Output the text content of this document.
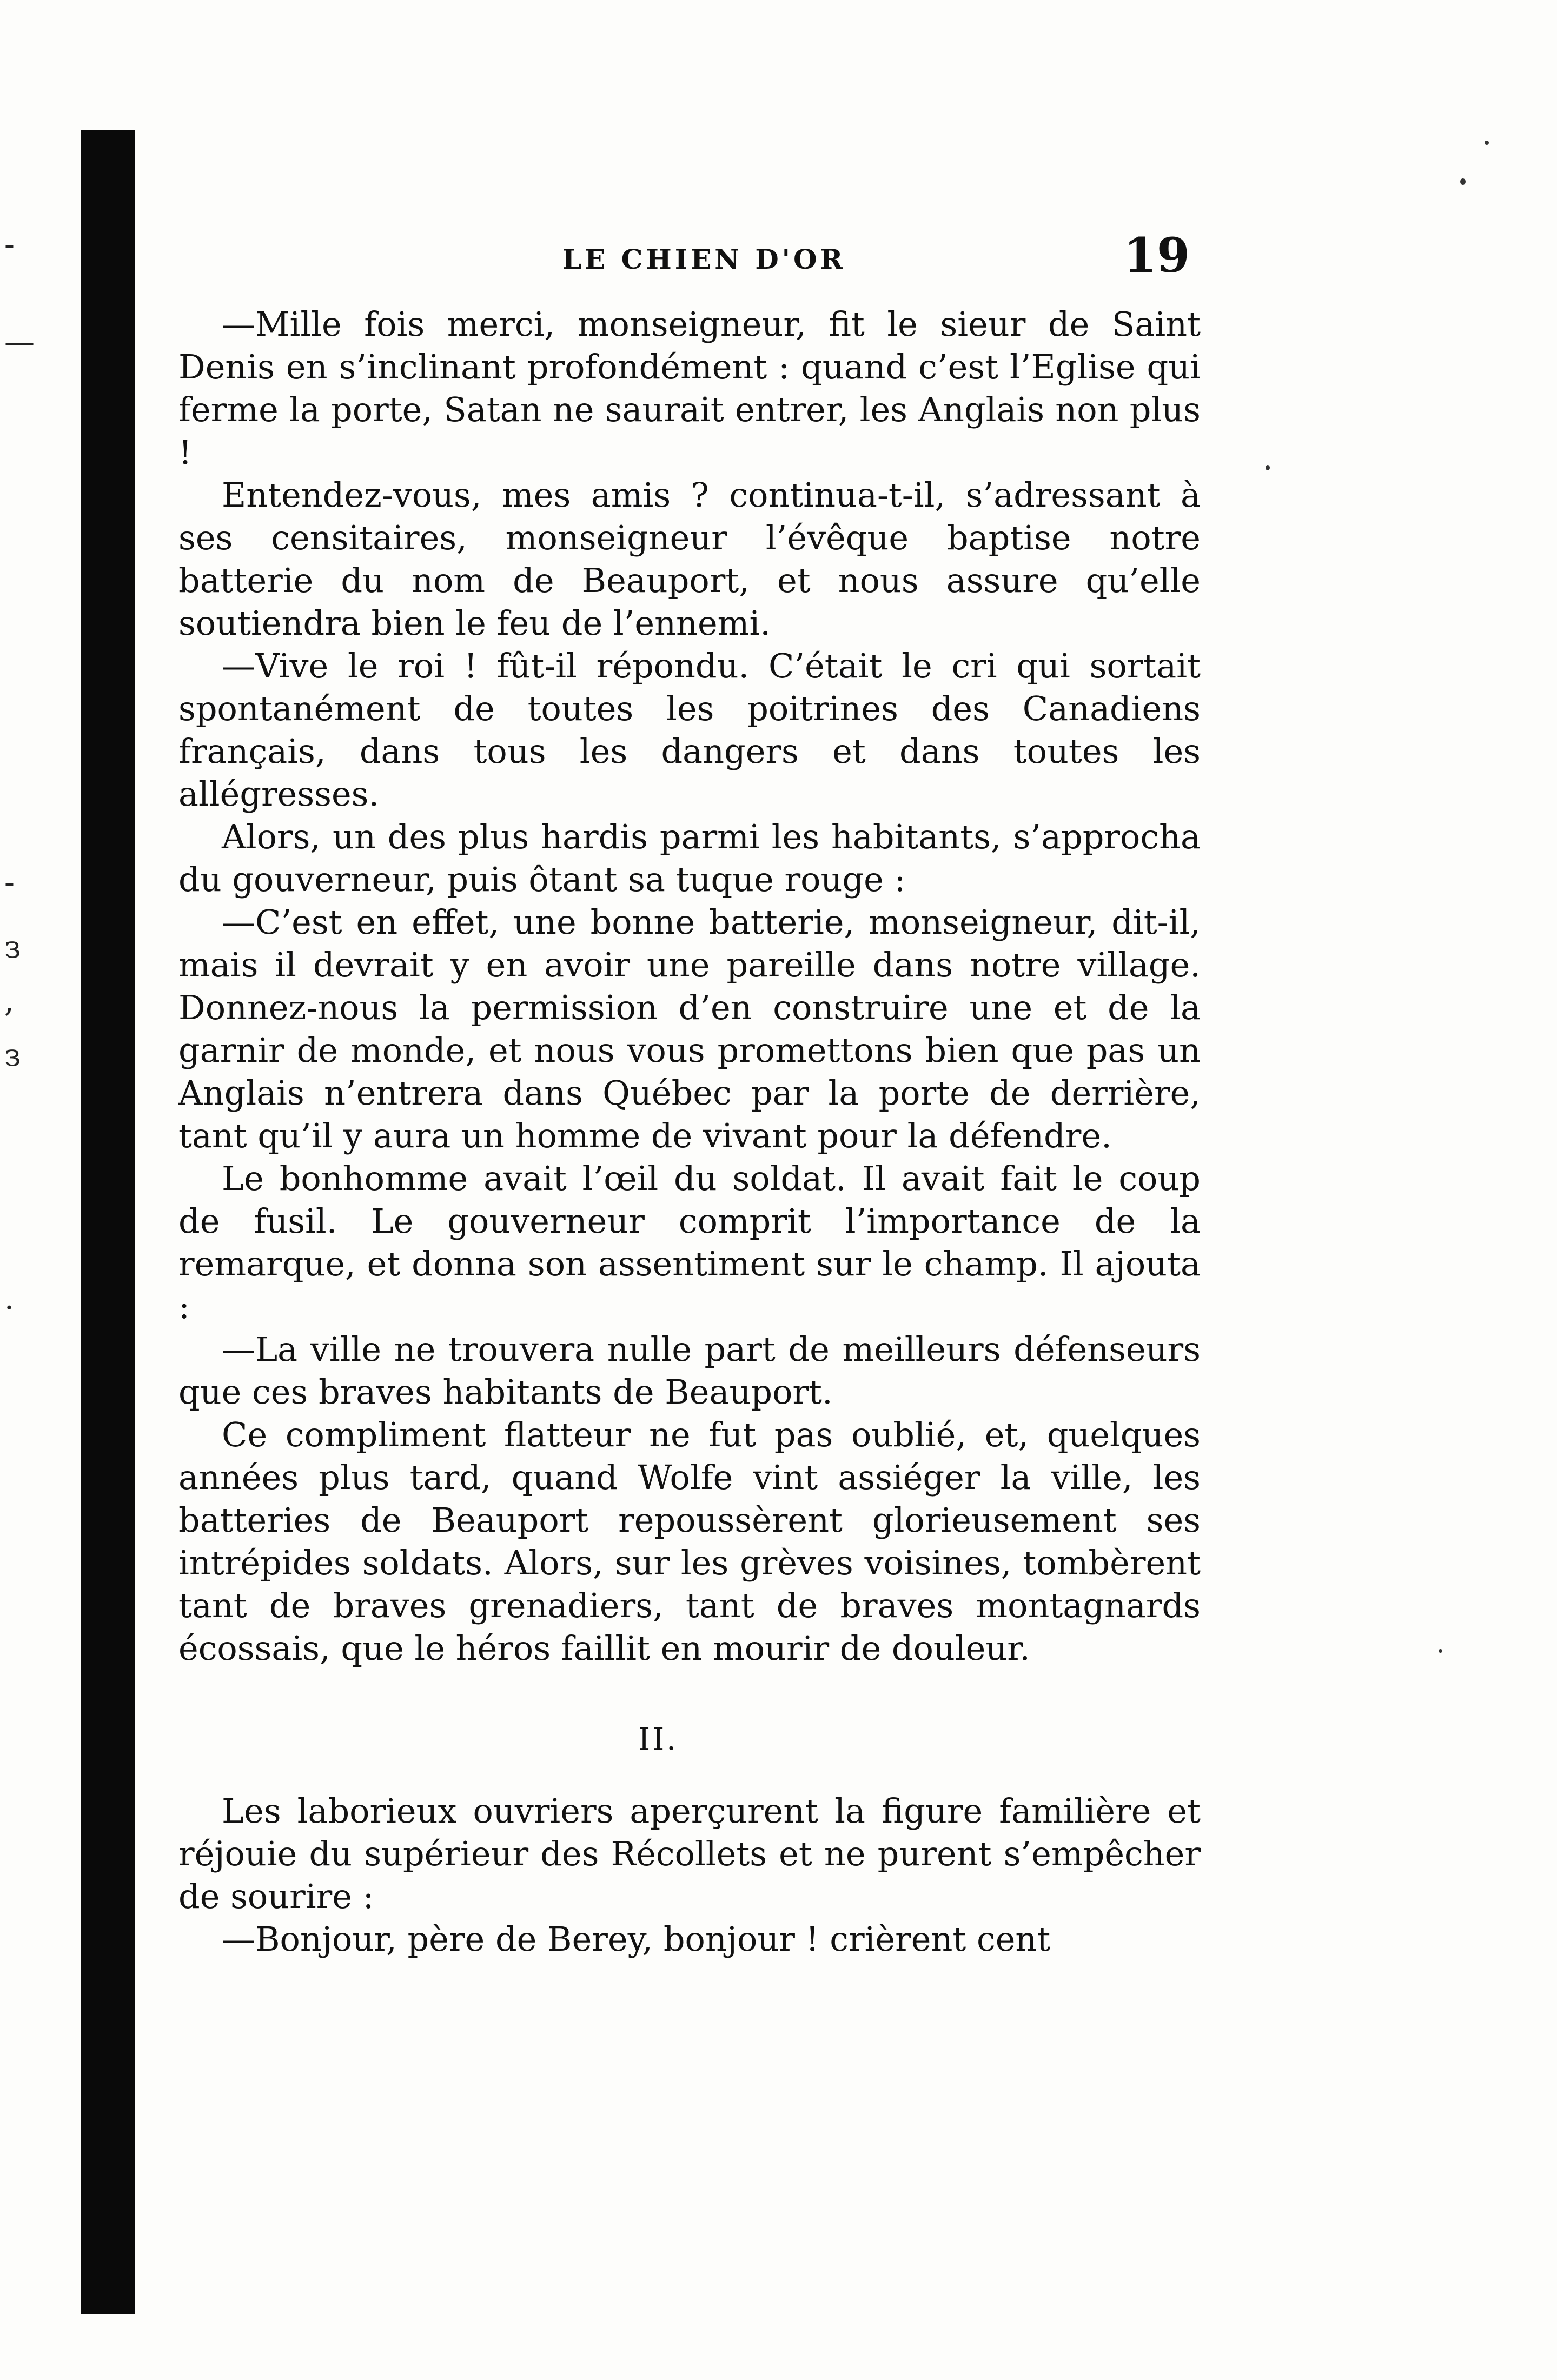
-
—
-
з
,
з
.
LE CHIEN D'OR	19

—Mille fois merci, monseigneur, fit le sieur de Saint Denis en s’inclinant profondément : quand c’est l’Eglise qui ferme la porte, Satan ne saurait entrer, les Anglais non plus !

Entendez-vous, mes amis ? continua-t-il, s’adressant à ses censitaires, monseigneur l’évêque baptise notre batterie du nom de Beauport, et nous assure qu’elle soutiendra bien le feu de l’ennemi.

—Vive le roi ! fût-il répondu. C’était le cri qui sortait spontanément de toutes les poitrines des Canadiens français, dans tous les dangers et dans toutes les allégresses.

Alors, un des plus hardis parmi les habitants, s’approcha du gouverneur, puis ôtant sa tuque rouge :

—C’est en effet, une bonne batterie, monseigneur, dit-il, mais il devrait y en avoir une pareille dans notre village. Donnez-nous la permission d’en construire une et de la garnir de monde, et nous vous promettons bien que pas un Anglais n’entrera dans Québec par la porte de derrière, tant qu’il y aura un homme de vivant pour la défendre.

Le bonhomme avait l’œil du soldat. Il avait fait le coup de fusil. Le gouverneur comprit l’importance de la remarque, et donna son assentiment sur le champ. Il ajouta :

—La ville ne trouvera nulle part de meilleurs défenseurs que ces braves habitants de Beauport.

Ce compliment flatteur ne fut pas oublié, et, quelques années plus tard, quand Wolfe vint assiéger la ville, les batteries de Beauport repoussèrent glorieusement ses intrépides soldats. Alors, sur les grèves voisines, tombèrent tant de braves grenadiers, tant de braves montagnards écossais, que le héros faillit en mourir de douleur.

II.

Les laborieux ouvriers aperçurent la figure familière et réjouie du supérieur des Récollets et ne purent s’empêcher de sourire :

—Bonjour, père de Berey, bonjour ! crièrent cent
